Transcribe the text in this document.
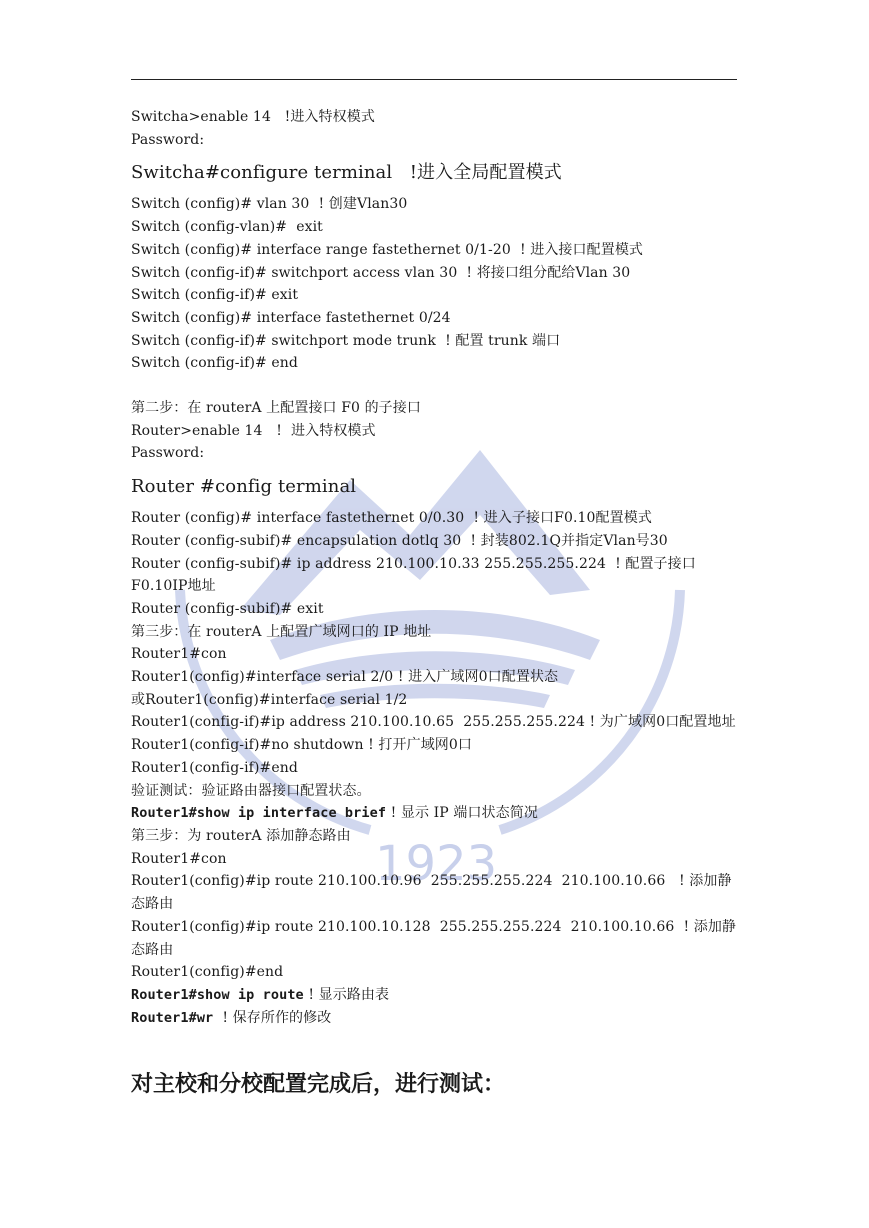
1923

Switcha>enable 14   !进入特权模式

Password:

Switcha#configure terminal   !进入全局配置模式

Switch (config)# vlan 30  ! 创建Vlan30

Switch (config-vlan)#  exit

Switch (config)# interface range fastethernet 0/1-20  ! 进入接口配置模式

Switch (config-if)# switchport access vlan 30  ! 将接口组分配给Vlan 30

Switch (config-if)# exit

Switch (config)# interface fastethernet 0/24

Switch (config-if)# switchport mode trunk  ! 配置 trunk 端口

Switch (config-if)# end

第二步：在 routerA 上配置接口 F0 的子接口

Router>enable 14   !  进入特权模式

Password:

Router #config terminal

Router (config)# interface fastethernet 0/0.30  ! 进入子接口F0.10配置模式

Router (config-subif)# encapsulation dotlq 30  ! 封装802.1Q并指定Vlan号30

Router (config-subif)# ip address 210.100.10.33 255.255.255.224  ! 配置子接口F0.10IP地址

Router (config-subif)# exit

第三步：在 routerA 上配置广域网口的 IP 地址

Router1#con

Router1(config)#interface serial 2/0 ! 进入广域网0口配置状态

或Router1(config)#interface serial 1/2

Router1(config-if)#ip address 210.100.10.65  255.255.255.224 ! 为广域网0口配置地址

Router1(config-if)#no shutdown ! 打开广域网0口

Router1(config-if)#end

验证测试：验证路由器接口配置状态。

Router1#show ip interface brief ! 显示 IP 端口状态简况

第三步：为 routerA 添加静态路由

Router1#con

Router1(config)#ip route 210.100.10.96  255.255.255.224  210.100.10.66   ! 添加静态路由

Router1(config)#ip route 210.100.10.128  255.255.255.224  210.100.10.66  ! 添加静态路由

Router1(config)#end

Router1#show ip route ! 显示路由表

Router1#wr  ! 保存所作的修改

对主校和分校配置完成后，进行测试：
